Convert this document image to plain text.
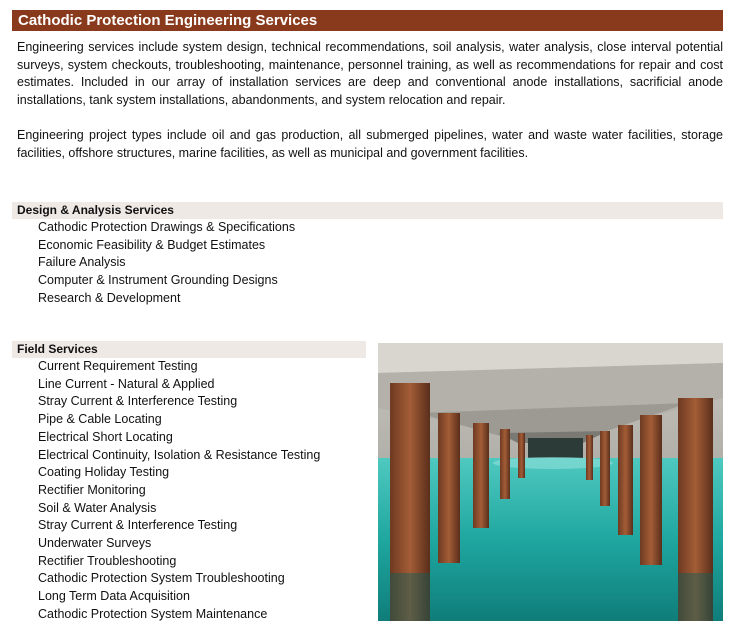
Cathodic Protection Engineering Services

Engineering services include system design, technical recommendations, soil analysis, water analysis, close interval potential surveys, system checkouts, troubleshooting, maintenance, personnel training, as well as recommendations for repair and cost estimates. Included in our array of installation services are deep and conventional anode installations, sacrificial anode installations, tank system installations, abandonments, and system relocation and repair.

Engineering project types include oil and gas production, all submerged pipelines, water and waste water facilities, storage facilities, offshore structures, marine facilities, as well as municipal and government facilities.

Design & Analysis Services
Cathodic Protection Drawings & Specifications
Economic Feasibility & Budget Estimates
Failure Analysis
Computer & Instrument Grounding Designs
Research & Development
Field Services
Current Requirement Testing
Line Current - Natural & Applied
Stray Current & Interference Testing
Pipe & Cable Locating
Electrical Short Locating
Electrical Continuity, Isolation & Resistance Testing
Coating Holiday Testing
Rectifier Monitoring
Soil & Water Analysis
Stray Current & Interference Testing
Underwater Surveys
Rectifier Troubleshooting
Cathodic Protection System Troubleshooting
Long Term Data Acquisition
Cathodic Protection System Maintenance
